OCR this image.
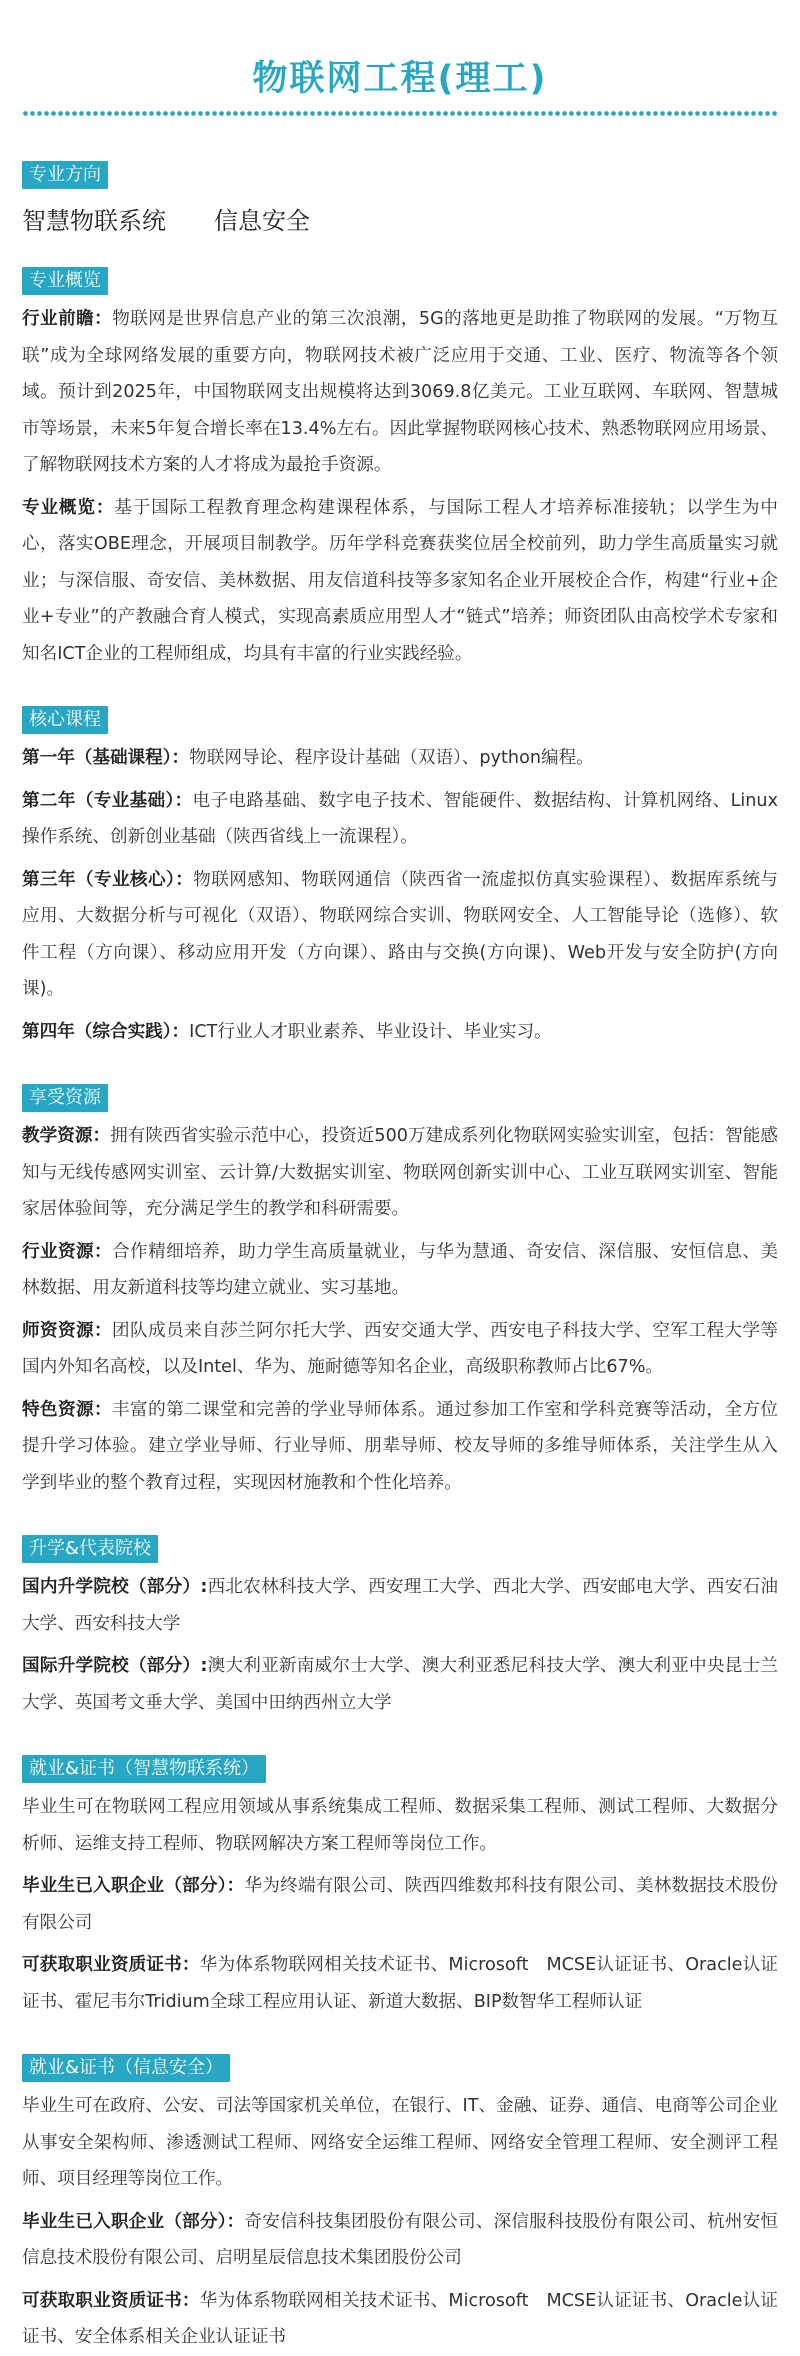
物联网工程(理工)
专业方向
智慧物联系统 信息安全
专业概览

行业前瞻：物联网是世界信息产业的第三次浪潮，5G的落地更是助推了物联网的发展。“万物互联”成为全球网络发展的重要方向，物联网技术被广泛应用于交通、工业、医疗、物流等各个领域。预计到2025年，中国物联网支出规模将达到3069.8亿美元。工业互联网、车联网、智慧城市等场景，未来5年复合增长率在13.4%左右。因此掌握物联网核心技术、熟悉物联网应用场景、了解物联网技术方案的人才将成为最抢手资源。

专业概览：基于国际工程教育理念构建课程体系，与国际工程人才培养标准接轨；以学生为中心，落实OBE理念，开展项目制教学。历年学科竞赛获奖位居全校前列，助力学生高质量实习就业；与深信服、奇安信、美林数据、用友信道科技等多家知名企业开展校企合作，构建“行业+企业+专业”的产教融合育人模式，实现高素质应用型人才“链式”培养；师资团队由高校学术专家和知名ICT企业的工程师组成，均具有丰富的行业实践经验。

核心课程

第一年（基础课程）：物联网导论、程序设计基础（双语）、python编程。

第二年（专业基础）：电子电路基础、数字电子技术、智能硬件、数据结构、计算机网络、Linux操作系统、创新创业基础（陕西省线上一流课程）。

第三年（专业核心）：物联网感知、物联网通信（陕西省一流虚拟仿真实验课程）、数据库系统与应用、大数据分析与可视化（双语）、物联网综合实训、物联网安全、人工智能导论（选修）、软件工程（方向课）、移动应用开发（方向课）、路由与交换(方向课)、Web开发与安全防护(方向课)。

第四年（综合实践）：ICT行业人才职业素养、毕业设计、毕业实习。

享受资源

教学资源：拥有陕西省实验示范中心，投资近500万建成系列化物联网实验实训室，包括：智能感知与无线传感网实训室、云计算/大数据实训室、物联网创新实训中心、工业互联网实训室、智能家居体验间等，充分满足学生的教学和科研需要。

行业资源：合作精细培养，助力学生高质量就业，与华为慧通、奇安信、深信服、安恒信息、美林数据、用友新道科技等均建立就业、实习基地。

师资资源：团队成员来自莎兰阿尔托大学、西安交通大学、西安电子科技大学、空军工程大学等国内外知名高校，以及Intel、华为、施耐德等知名企业，高级职称教师占比67%。

特色资源：丰富的第二课堂和完善的学业导师体系。通过参加工作室和学科竞赛等活动，全方位提升学习体验。建立学业导师、行业导师、朋辈导师、校友导师的多维导师体系，关注学生从入学到毕业的整个教育过程，实现因材施教和个性化培养。

升学&代表院校

国内升学院校（部分）:西北农林科技大学、西安理工大学、西北大学、西安邮电大学、西安石油大学、西安科技大学

国际升学院校（部分）:澳大利亚新南威尔士大学、澳大利亚悉尼科技大学、澳大利亚中央昆士兰大学、英国考文垂大学、美国中田纳西州立大学

就业&证书（智慧物联系统）

毕业生可在物联网工程应用领域从事系统集成工程师、数据采集工程师、测试工程师、大数据分析师、运维支持工程师、物联网解决方案工程师等岗位工作。

毕业生已入职企业（部分）：华为终端有限公司、陕西四维数邦科技有限公司、美林数据技术股份有限公司

可获取职业资质证书：华为体系物联网相关技术证书、Microsoft　MCSE认证证书、Oracle认证证书、霍尼韦尔Tridium全球工程应用认证、新道大数据、BIP数智华工程师认证

就业&证书（信息安全）

毕业生可在政府、公安、司法等国家机关单位，在银行、IT、金融、证券、通信、电商等公司企业从事安全架构师、渗透测试工程师、网络安全运维工程师、网络安全管理工程师、安全测评工程师、项目经理等岗位工作。

毕业生已入职企业（部分）：奇安信科技集团股份有限公司、深信服科技股份有限公司、杭州安恒信息技术股份有限公司、启明星辰信息技术集团股份公司

可获取职业资质证书：华为体系物联网相关技术证书、Microsoft　MCSE认证证书、Oracle认证证书、安全体系相关企业认证证书
